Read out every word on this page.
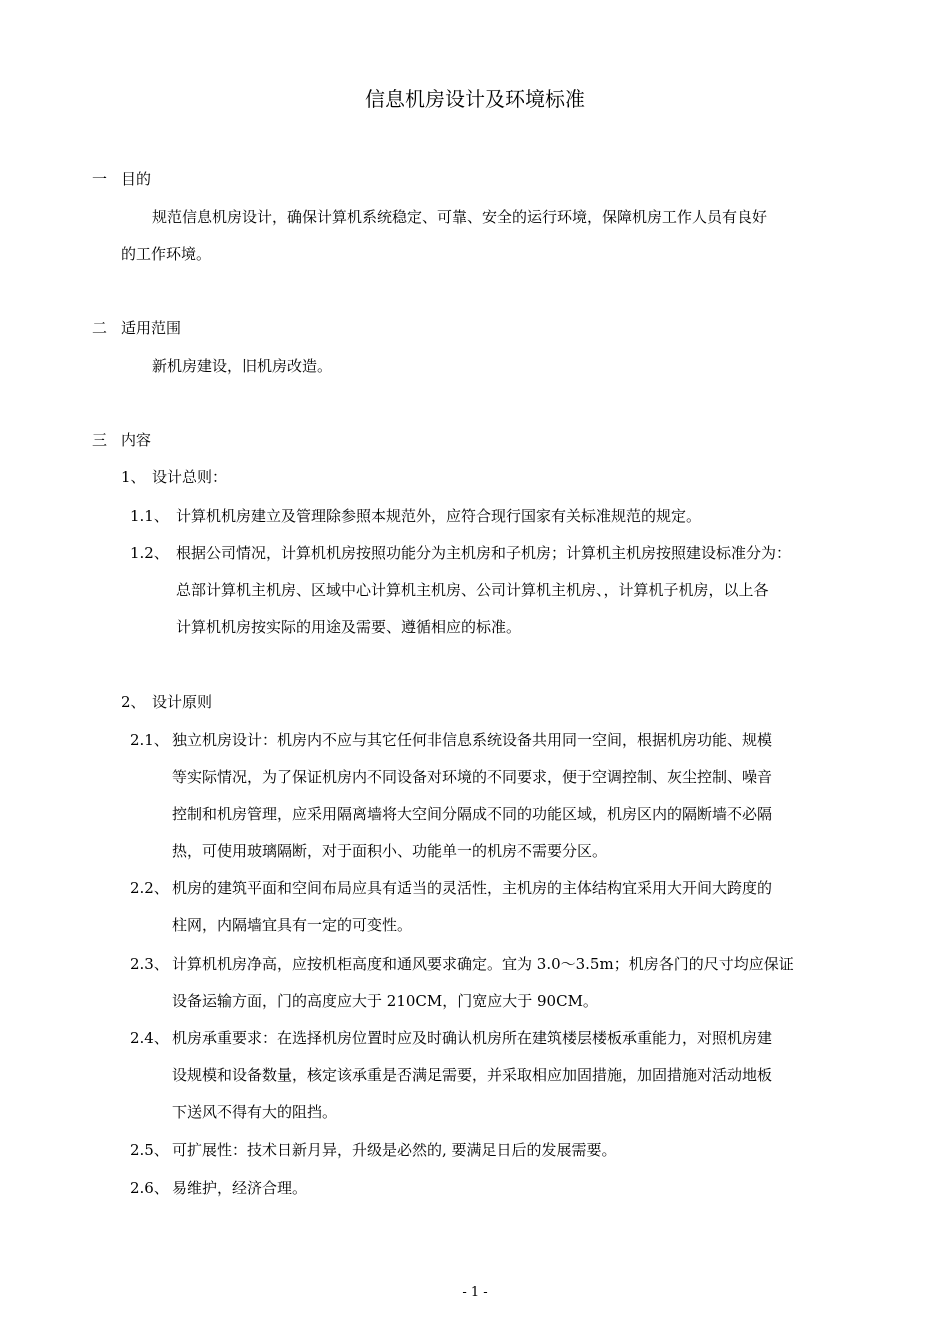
信息机房设计及环境标准
一 目的
规范信息机房设计，确保计算机系统稳定、可靠、安全的运行环境，保障机房工作人员有良好
的工作环境。
二 适用范围
新机房建设，旧机房改造。
三 内容
1、 设计总则：
1.1、 计算机机房建立及管理除参照本规范外，应符合现行国家有关标准规范的规定。
1.2、 根据公司情况，计算机机房按照功能分为主机房和子机房；计算机主机房按照建设标准分为：
总部计算机主机房、区域中心计算机主机房、公司计算机主机房、，计算机子机房，以上各
计算机机房按实际的用途及需要、遵循相应的标准。
2、 设计原则
2.1、 独立机房设计：机房内不应与其它任何非信息系统设备共用同一空间，根据机房功能、规模
等实际情况，为了保证机房内不同设备对环境的不同要求，便于空调控制、灰尘控制、噪音
控制和机房管理，应采用隔离墙将大空间分隔成不同的功能区域，机房区内的隔断墙不必隔
热，可使用玻璃隔断，对于面积小、功能单一的机房不需要分区。
2.2、 机房的建筑平面和空间布局应具有适当的灵活性，主机房的主体结构宜采用大开间大跨度的
柱网，内隔墙宜具有一定的可变性。
2.3、 计算机机房净高，应按机柜高度和通风要求确定。宜为 3.0～3.5m；机房各门的尺寸均应保证
设备运输方面，门的高度应大于 210CM，门宽应大于 90CM。
2.4、 机房承重要求：在选择机房位置时应及时确认机房所在建筑楼层楼板承重能力，对照机房建
设规模和设备数量，核定该承重是否满足需要，并采取相应加固措施，加固措施对活动地板
下送风不得有大的阻挡。
2.5、 可扩展性：技术日新月异，升级是必然的, 要满足日后的发展需要。
2.6、 易维护，经济合理。
- 1 -
